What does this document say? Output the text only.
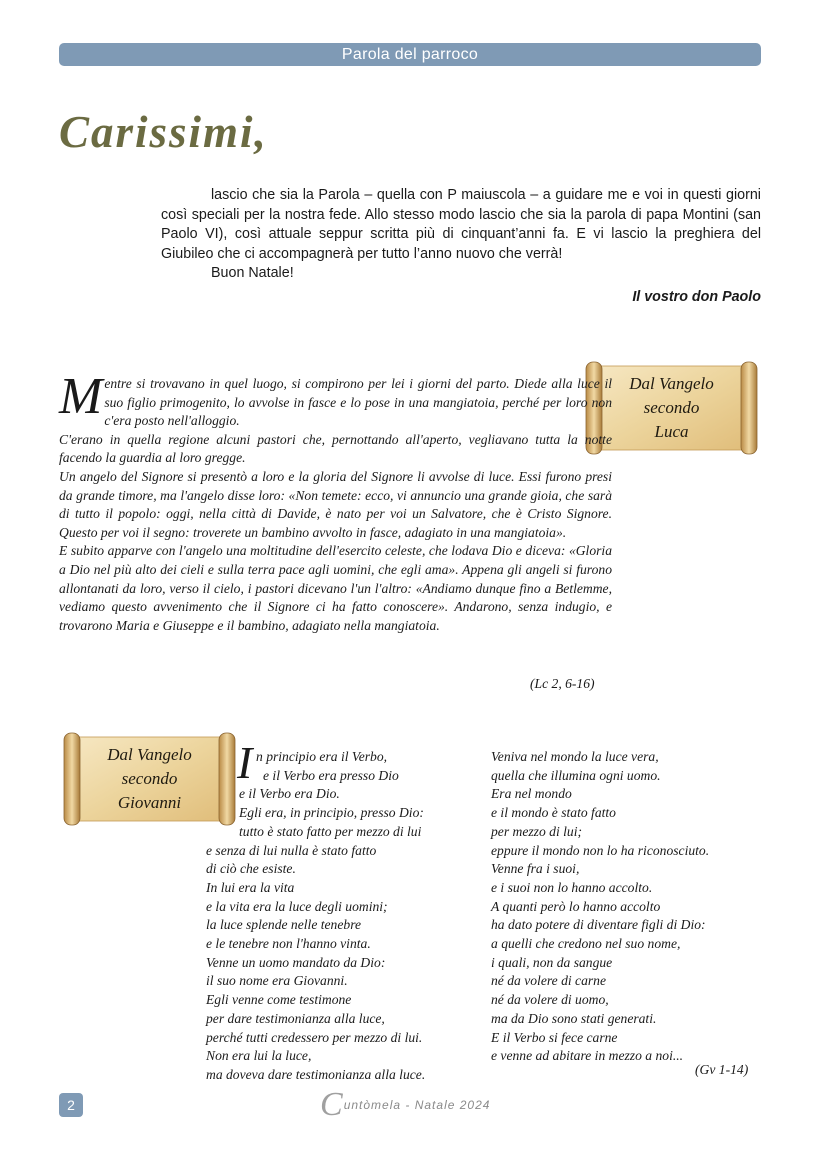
Parola del parroco
Carissimi,

lascio che sia la Parola – quella con P maiuscola – a guidare me e voi in questi giorni così speciali per la nostra fede. Allo stesso modo lascio che sia la parola di papa Montini (san Paolo VI), così attuale seppur scritta più di cinquant’anni fa. E vi lascio la preghiera del Giubileo che ci accompagnerà per tutto l’anno nuovo che verrà!

Buon Natale!

Il vostro don Paolo

Dal Vangelo
secondo
Luca
M entre si trovavano in quel luogo, si compirono per lei i giorni del parto. Diede alla luce il suo figlio primogenito, lo avvolse in fasce e lo pose in una mangiatoia, perché per loro non c'era posto nell'alloggio.

C'erano in quella regione alcuni pastori che, pernottando all'aperto, vegliavano tutta la notte facendo la guardia al loro gregge.

Un angelo del Signore si presentò a loro e la gloria del Signore li avvolse di luce. Essi furono presi da grande timore, ma l'angelo disse loro: «Non temete: ecco, vi annuncio una grande gioia, che sarà di tutto il popolo: oggi, nella città di Davide, è nato per voi un Salvatore, che è Cristo Signore. Questo per voi il segno: troverete un bambino avvolto in fasce, adagiato in una mangiatoia».

E subito apparve con l'angelo una moltitudine dell'esercito celeste, che lodava Dio e diceva: «Gloria a Dio nel più alto dei cieli e sulla terra pace agli uomini, che egli ama». Appena gli angeli si furono allontanati da loro, verso il cielo, i pastori dicevano l'un l'altro: «Andiamo dunque fino a Betlemme, vediamo questo avvenimento che il Signore ci ha fatto conoscere». Andarono, senza indugio, e trovarono Maria e Giuseppe e il bambino, adagiato nella mangiatoia.

(Lc 2, 6-16)
Dal Vangelo
secondo
Giovanni
I n principio era il Verbo,
e il Verbo era presso Dio
e il Verbo era Dio.
Egli era, in principio, presso Dio:
tutto è stato fatto per mezzo di lui
e senza di lui nulla è stato fatto
di ciò che esiste.
In lui era la vita
e la vita era la luce degli uomini;
la luce splende nelle tenebre
e le tenebre non l'hanno vinta.
Venne un uomo mandato da Dio:
il suo nome era Giovanni.
Egli venne come testimone
per dare testimonianza alla luce,
perché tutti credessero per mezzo di lui.
Non era lui la luce,
ma doveva dare testimonianza alla luce.
Veniva nel mondo la luce vera,
quella che illumina ogni uomo.
Era nel mondo
e il mondo è stato fatto
per mezzo di lui;
eppure il mondo non lo ha riconosciuto.
Venne fra i suoi,
e i suoi non lo hanno accolto.
A quanti però lo hanno accolto
ha dato potere di diventare figli di Dio:
a quelli che credono nel suo nome,
i quali, non da sangue
né da volere di carne
né da volere di uomo,
ma da Dio sono stati generati.
E il Verbo si fece carne
e venne ad abitare in mezzo a noi...
(Gv 1-14)
2	Cuntòmela - Natale 2024
